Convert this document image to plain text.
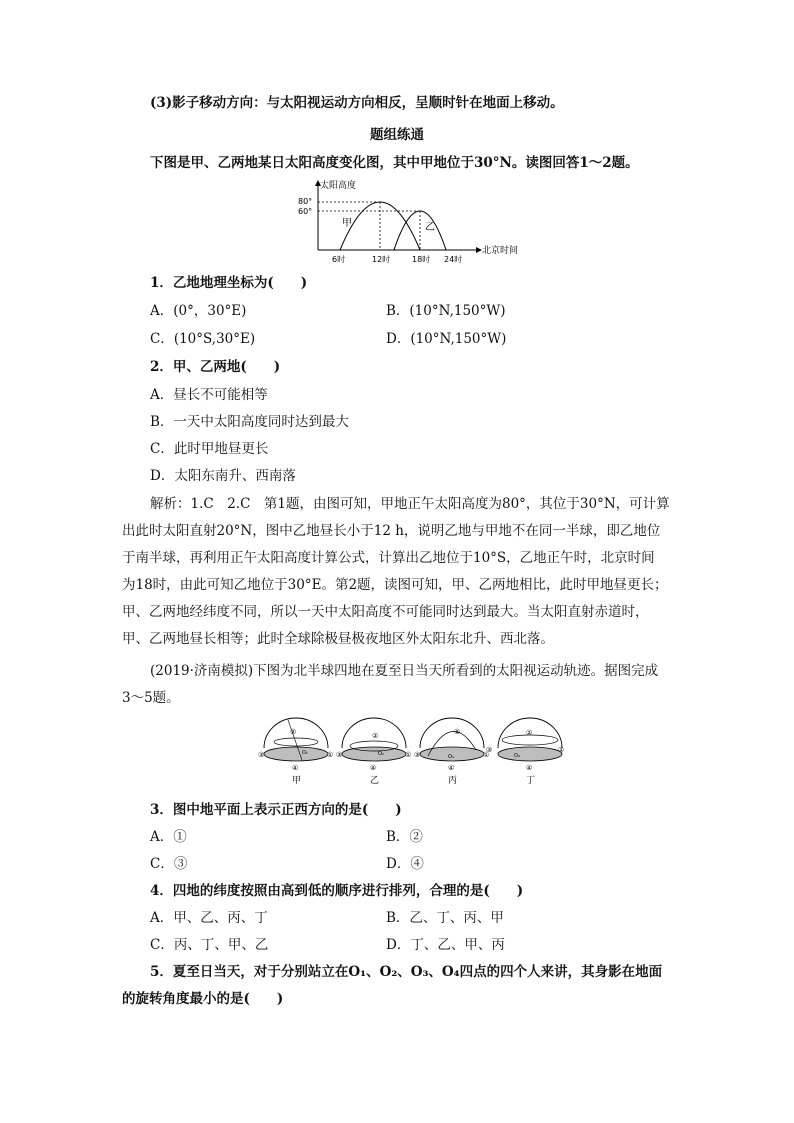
(3)影子移动方向：与太阳视运动方向相反，呈顺时针在地面上移动。
题组练通
下图是甲、乙两地某日太阳高度变化图，其中甲地位于30°N。读图回答1～2题。
太阳高度
80°
60°
6时	12时	18时 24时
北京时间
甲	乙
1．乙地地理坐标为(　　)
A．(0°，30°E)	B．(10°N,150°W)
C．(10°S,30°E)	D．(10°N,150°W)
2．甲、乙两地(　　)
A．昼长不可能相等
B．一天中太阳高度同时达到最大
C．此时甲地昼更长
D．太阳东南升、西南落
解析：1.C　2.C　第1题，由图可知，甲地正午太阳高度为80°，其位于30°N，可计算
出此时太阳直射20°N，图中乙地昼长小于12 h，说明乙地与甲地不在同一半球，即乙地位
于南半球，再利用正午太阳高度计算公式，计算出乙地位于10°S，乙地正午时，北京时间
为18时，由此可知乙地位于30°E。第2题，读图可知，甲、乙两地相比，此时甲地昼更长；
甲、乙两地经纬度不同，所以一天中太阳高度不可能同时达到最大。当太阳直射赤道时，
甲、乙两地昼长相等；此时全球除极昼极夜地区外太阳东北升、西北落。
(2019·济南模拟)下图为北半球四地在夏至日当天所看到的太阳视运动轨迹。据图完成
3～5题。
②
③	①
④
O₁
甲
②
③	①
④
O₂
乙
②
③	①
④
O₃
丙
②
③	①
④
O₄
丁
3．图中地平面上表示正西方向的是(　　)
A．①	B．②
C．③	D．④
4．四地的纬度按照由高到低的顺序进行排列，合理的是(　　)
A．甲、乙、丙、丁	B．乙、丁、丙、甲
C．丙、丁、甲、乙	D．丁、乙、甲、丙
5．夏至日当天，对于分别站立在O₁、O₂、O₃、O₄四点的四个人来讲，其身影在地面
的旋转角度最小的是(　　)
